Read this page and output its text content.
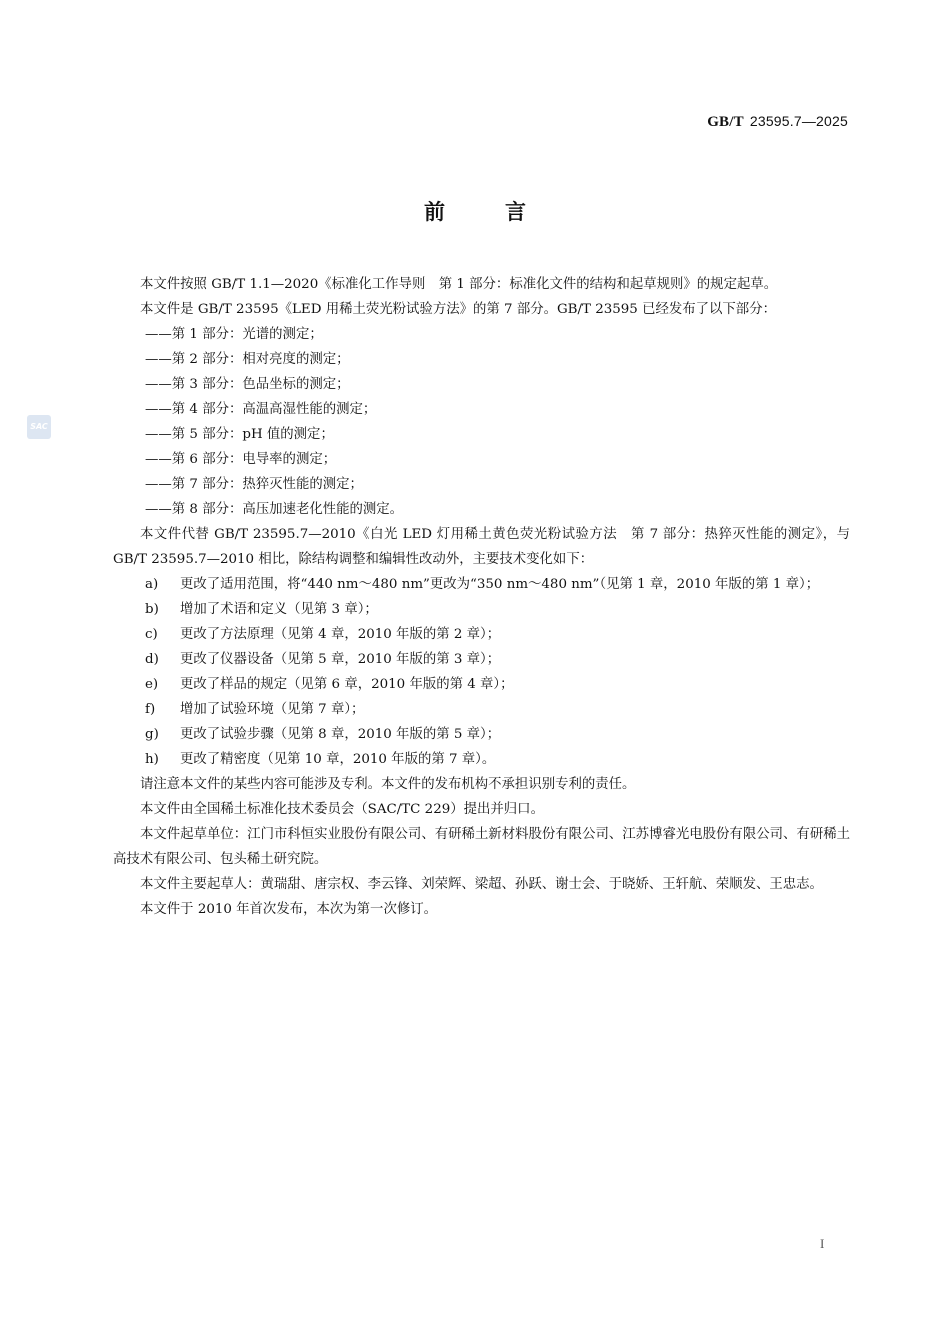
GB/T 23595.7—2025
前言
SAC

本文件按照 GB/T 1.1—2020《标准化工作导则　第 1 部分：标准化文件的结构和起草规则》的规定起草。

本文件是 GB/T 23595《LED 用稀土荧光粉试验方法》的第 7 部分。GB/T 23595 已经发布了以下部分：

——第 1 部分：光谱的测定；

——第 2 部分：相对亮度的测定；

——第 3 部分：色品坐标的测定；

——第 4 部分：高温高湿性能的测定；

——第 5 部分：pH 值的测定；

——第 6 部分：电导率的测定；

——第 7 部分：热猝灭性能的测定；

——第 8 部分：高压加速老化性能的测定。

本文件代替 GB/T 23595.7—2010《白光 LED 灯用稀土黄色荧光粉试验方法　第 7 部分：热猝灭性能的测定》，与 GB/T 23595.7—2010 相比，除结构调整和编辑性改动外，主要技术变化如下：

a) 更改了适用范围，将“440 nm～480 nm”更改为“350 nm～480 nm”（见第 1 章，2010 年版的第 1 章）；

b) 增加了术语和定义（见第 3 章）；

c) 更改了方法原理（见第 4 章，2010 年版的第 2 章）；

d) 更改了仪器设备（见第 5 章，2010 年版的第 3 章）；

e) 更改了样品的规定（见第 6 章，2010 年版的第 4 章）；

f) 增加了试验环境（见第 7 章）；

g) 更改了试验步骤（见第 8 章，2010 年版的第 5 章）；

h) 更改了精密度（见第 10 章，2010 年版的第 7 章）。

请注意本文件的某些内容可能涉及专利。本文件的发布机构不承担识别专利的责任。

本文件由全国稀土标准化技术委员会（SAC/TC 229）提出并归口。

本文件起草单位：江门市科恒实业股份有限公司、有研稀土新材料股份有限公司、江苏博睿光电股份有限公司、有研稀土高技术有限公司、包头稀土研究院。

本文件主要起草人：黄瑞甜、唐宗权、李云锋、刘荣辉、梁超、孙跃、谢士会、于晓娇、王轩航、荣顺发、王忠志。

本文件于 2010 年首次发布，本次为第一次修订。

I
